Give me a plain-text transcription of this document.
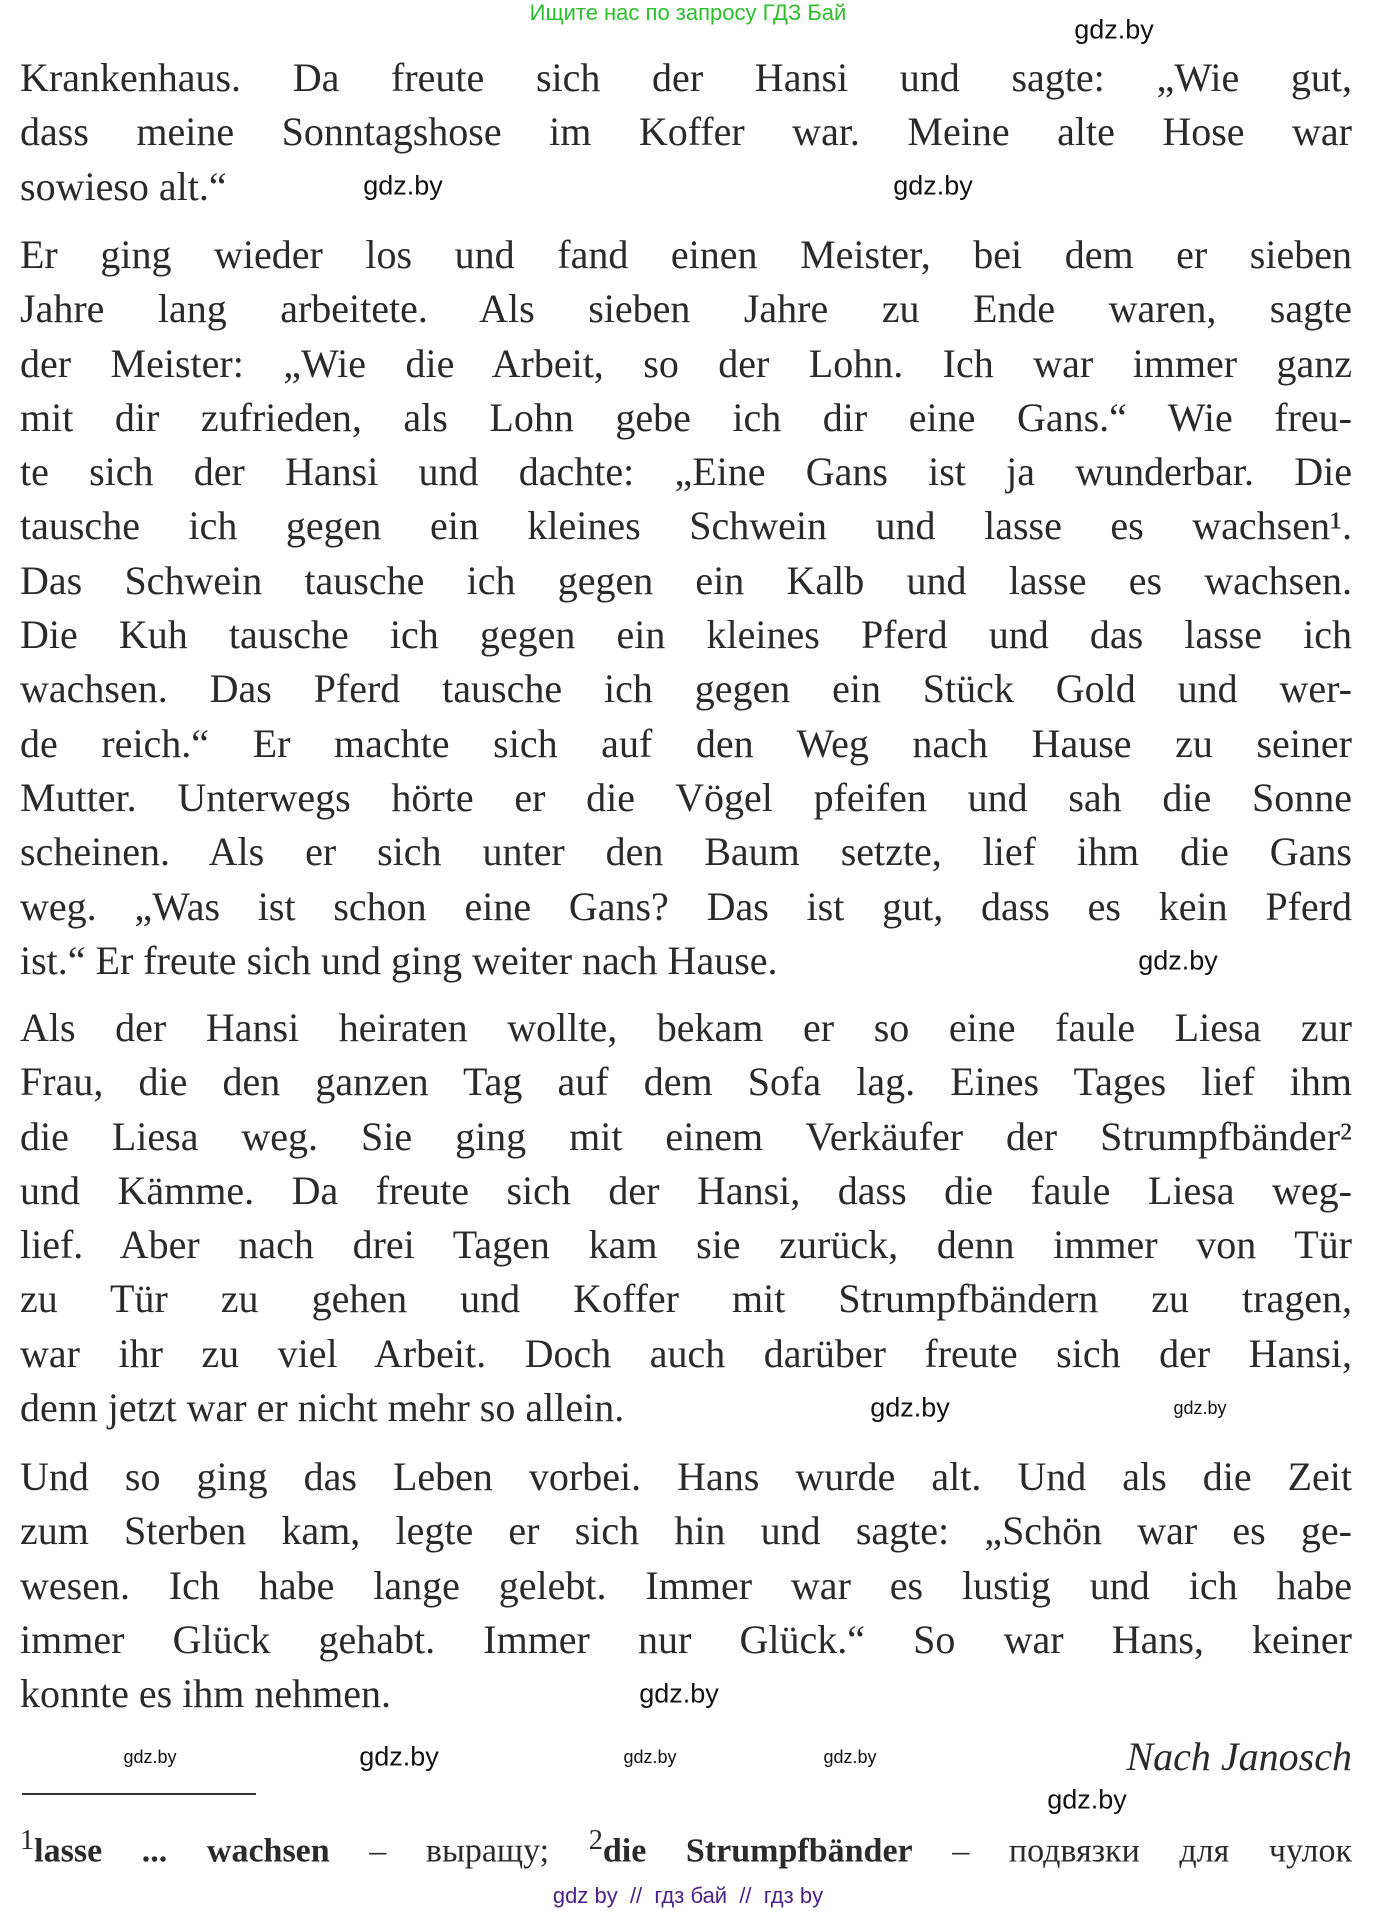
Ищите нас по запросу ГДЗ Бай
Krankenhaus. Da freute sich der Hansi und sagte: „Wie gut,
dass meine Sonntagshose im Koffer war. Meine alte Hose war
sowieso alt.“
Er ging wieder los und fand einen Meister, bei dem er sieben
Jahre lang arbeitete. Als sieben Jahre zu Ende waren, sagte
der Meister: „Wie die Arbeit, so der Lohn. Ich war immer ganz
mit dir zufrieden, als Lohn gebe ich dir eine Gans.“ Wie freu-
te sich der Hansi und dachte: „Eine Gans ist ja wunderbar. Die
tausche ich gegen ein kleines Schwein und lasse es wachsen¹.
Das Schwein tausche ich gegen ein Kalb und lasse es wachsen.
Die Kuh tausche ich gegen ein kleines Pferd und das lasse ich
wachsen. Das Pferd tausche ich gegen ein Stück Gold und wer-
de reich.“ Er machte sich auf den Weg nach Hause zu seiner
Mutter. Unterwegs hörte er die Vögel pfeifen und sah die Sonne
scheinen. Als er sich unter den Baum setzte, lief ihm die Gans
weg. „Was ist schon eine Gans? Das ist gut, dass es kein Pferd
ist.“ Er freute sich und ging weiter nach Hause.
Als der Hansi heiraten wollte, bekam er so eine faule Liesa zur
Frau, die den ganzen Tag auf dem Sofa lag. Eines Tages lief ihm
die Liesa weg. Sie ging mit einem Verkäufer der Strumpfbänder²
und Kämme. Da freute sich der Hansi, dass die faule Liesa weg-
lief. Aber nach drei Tagen kam sie zurück, denn immer von Tür
zu Tür zu gehen und Koffer mit Strumpfbändern zu tragen,
war ihr zu viel Arbeit. Doch auch darüber freute sich der Hansi,
denn jetzt war er nicht mehr so allein.
Und so ging das Leben vorbei. Hans wurde alt. Und als die Zeit
zum Sterben kam, legte er sich hin und sagte: „Schön war es ge-
wesen. Ich habe lange gelebt. Immer war es lustig und ich habe
immer Glück gehabt. Immer nur Glück.“ So war Hans, keiner
konnte es ihm nehmen.
Nach Janosch
$^1$lasse ... wachsen – выращу; $^2$die Strumpfbänder – подвязки для чулок
gdz.by
gdz.by	gdz.by
gdz.by
gdz.by
gdz.by
gdz.by
gdz.by
gdz.by
gdz.by
gdz.by
gdz.by
gdz by  //  гдз бай  //  гдз by
